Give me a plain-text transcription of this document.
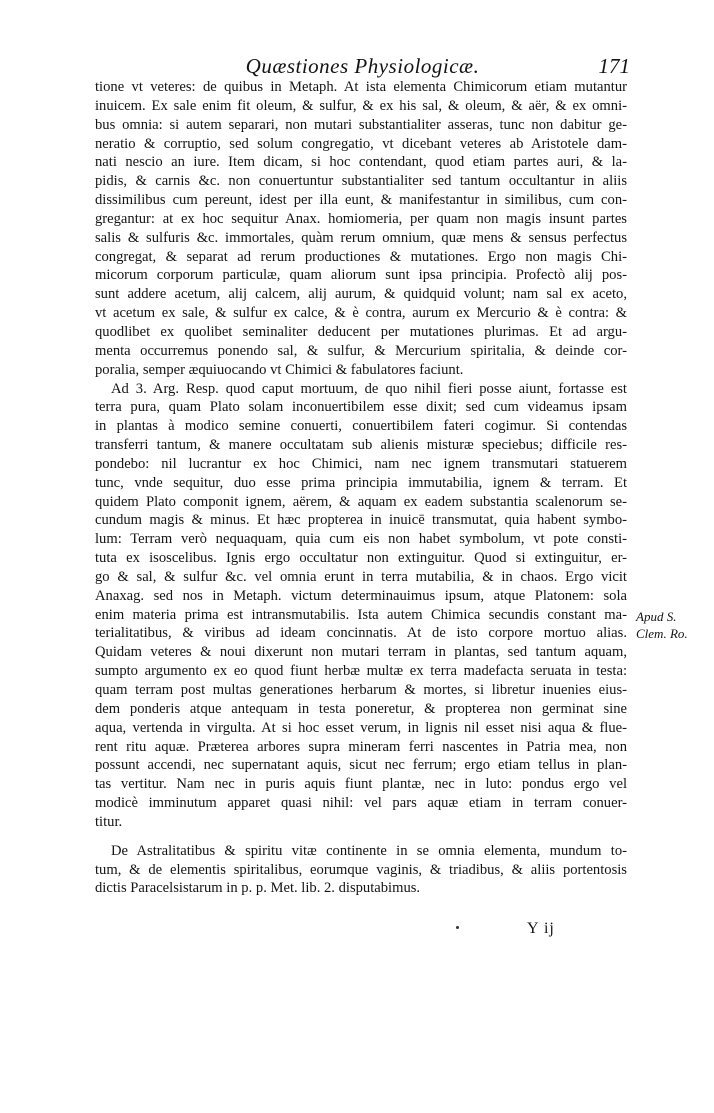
Quæstiones Physiologicæ.	171
tione vt veteres: de quibus in Metaph. At ista elementa Chimicorum etiam mutantur
inuicem. Ex sale enim fit oleum, & sulfur, & ex his sal, & oleum, & aër, & ex omni-
bus omnia: si autem separari, non mutari substantialiter asseras, tunc non dabitur ge-
neratio & corruptio, sed solum congregatio, vt dicebant veteres ab Aristotele dam-
nati nescio an iure. Item dicam, si hoc contendant, quod etiam partes auri, & la-
pidis, & carnis &c. non conuertuntur substantialiter sed tantum occultantur in aliis
dissimilibus cum pereunt, idest per illa eunt, & manifestantur in similibus, cum con-
gregantur: at ex hoc sequitur Anax. homiomeria, per quam non magis insunt partes
salis & sulfuris &c. immortales, quàm rerum omnium, quæ mens & sensus perfectus
congregat, & separat ad rerum productiones & mutationes. Ergo non magis Chi-
micorum corporum particulæ, quam aliorum sunt ipsa principia. Profectò alij pos-
sunt addere acetum, alij calcem, alij aurum, & quidquid volunt; nam sal ex aceto,
vt acetum ex sale, & sulfur ex calce, & è contra, aurum ex Mercurio & è contra: &
quodlibet ex quolibet seminaliter deducent per mutationes plurimas. Et ad argu-
menta occurremus ponendo sal, & sulfur, & Mercurium spiritalia, & deinde cor-
poralia, semper æquiuocando vt Chimici & fabulatores faciunt.
Ad 3. Arg. Resp. quod caput mortuum, de quo nihil fieri posse aiunt, fortasse est
terra pura, quam Plato solam inconuertibilem esse dixit; sed cum videamus ipsam
in plantas à modico semine conuerti, conuertibilem fateri cogimur. Si contendas
transferri tantum, & manere occultatam sub alienis misturæ speciebus; difficile res-
pondebo: nil lucrantur ex hoc Chimici, nam nec ignem transmutari statuerem
tunc, vnde sequitur, duo esse prima principia immutabilia, ignem & terram. Et
quidem Plato componit ignem, aërem, & aquam ex eadem substantia scalenorum se-
cundum magis & minus. Et hæc propterea in inuicē transmutat, quia habent symbo-
lum: Terram verò nequaquam, quia cum eis non habet symbolum, vt pote consti-
tuta ex isoscelibus. Ignis ergo occultatur non extinguitur. Quod si extinguitur, er-
go & sal, & sulfur &c. vel omnia erunt in terra mutabilia, & in chaos. Ergo vicit
Anaxag. sed nos in Metaph. victum determinauimus ipsum, atque Platonem: sola
enim materia prima est intransmutabilis. Ista autem Chimica secundis constant ma-
terialitatibus, & viribus ad ideam concinnatis. At de isto corpore mortuo alias.
Quidam veteres & noui dixerunt non mutari terram in plantas, sed tantum aquam,
sumpto argumento ex eo quod fiunt herbæ multæ ex terra madefacta seruata in testa:
quam terram post multas generationes herbarum & mortes, si libretur inuenies eius-
dem ponderis atque antequam in testa poneretur, & propterea non germinat sine
aqua, vertenda in virgulta. At si hoc esset verum, in lignis nil esset nisi aqua & flue-
rent ritu aquæ. Præterea arbores supra mineram ferri nascentes in Patria mea, non
possunt accendi, nec supernatant aquis, sicut nec ferrum; ergo etiam tellus in plan-
tas vertitur. Nam nec in puris aquis fiunt plantæ, nec in luto: pondus ergo vel
modicè imminutum apparet quasi nihil: vel pars aquæ etiam in terram conuer-
titur.
De Astralitatibus & spiritu vitæ continente in se omnia elementa, mundum to-
tum, & de elementis spiritalibus, eorumque vaginis, & triadibus, & aliis portentosis
dictis Paracelsistarum in p. p. Met. lib. 2. disputabimus.
Apud S.
Clem. Ro.
Y ij
